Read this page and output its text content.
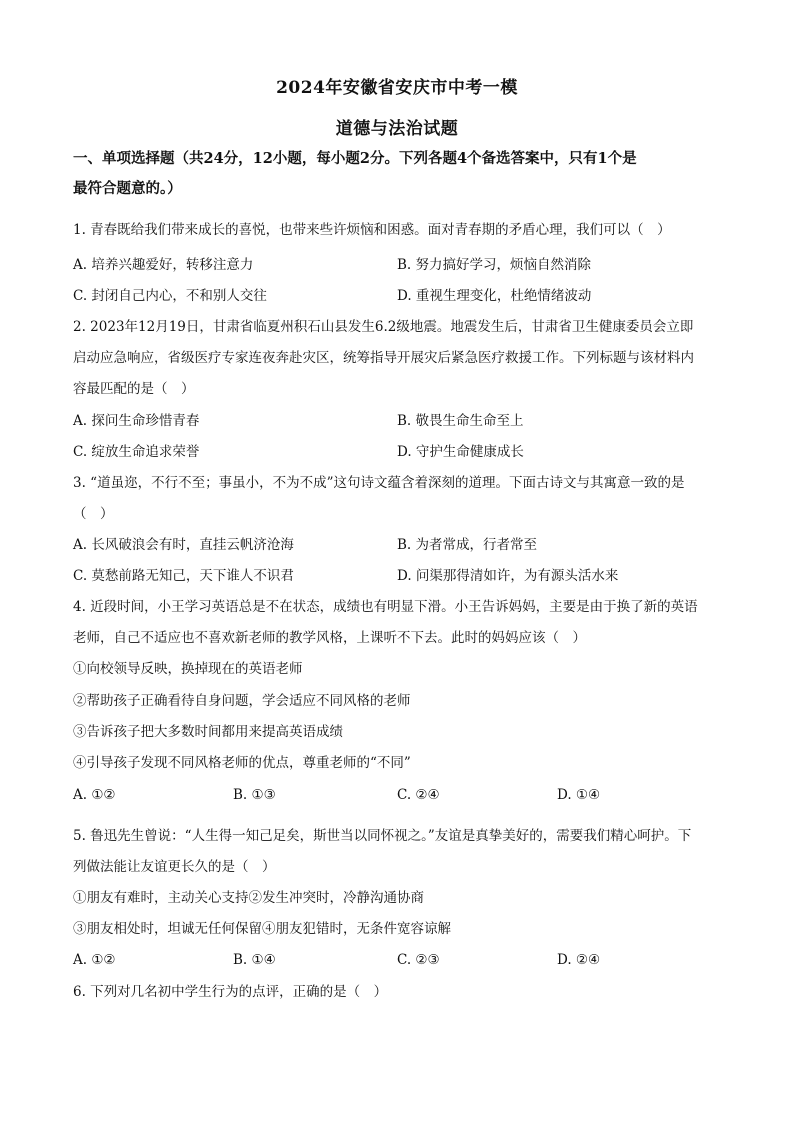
2024年安徽省安庆市中考一模
道德与法治试题
一、单项选择题（共24分，12小题，每小题2分。下列各题4个备选答案中，只有1个是
最符合题意的。）
1. 青春既给我们带来成长的喜悦，也带来些许烦恼和困惑。面对青春期的矛盾心理，我们可以（　）
A. 培养兴趣爱好，转移注意力	B. 努力搞好学习，烦恼自然消除
C. 封闭自己内心，不和别人交往	D. 重视生理变化，杜绝情绪波动
2. 2023年12月19日，甘肃省临夏州积石山县发生6.2级地震。地震发生后，甘肃省卫生健康委员会立即
启动应急响应，省级医疗专家连夜奔赴灾区，统筹指导开展灾后紧急医疗救援工作。下列标题与该材料内
容最匹配的是（　）
A. 探问生命珍惜青春	B. 敬畏生命生命至上
C. 绽放生命追求荣誉	D. 守护生命健康成长
3. “道虽迩，不行不至；事虽小，不为不成”这句诗文蕴含着深刻的道理。下面古诗文与其寓意一致的是
（　）
A. 长风破浪会有时，直挂云帆济沧海	B. 为者常成，行者常至
C. 莫愁前路无知己，天下谁人不识君	D. 问渠那得清如许，为有源头活水来
4. 近段时间，小王学习英语总是不在状态，成绩也有明显下滑。小王告诉妈妈，主要是由于换了新的英语
老师，自己不适应也不喜欢新老师的教学风格，上课听不下去。此时的妈妈应该（　）
①向校领导反映，换掉现在的英语老师
②帮助孩子正确看待自身问题，学会适应不同风格的老师
③告诉孩子把大多数时间都用来提高英语成绩
④引导孩子发现不同风格老师的优点，尊重老师的“不同”
A. ①②	B. ①③	C. ②④	D. ①④
5. 鲁迅先生曾说：“人生得一知己足矣，斯世当以同怀视之。”友谊是真挚美好的，需要我们精心呵护。下
列做法能让友谊更长久的是（　）
①朋友有难时，主动关心支持②发生冲突时，冷静沟通协商
③朋友相处时，坦诚无任何保留④朋友犯错时，无条件宽容谅解
A. ①②	B. ①④	C. ②③	D. ②④
6. 下列对几名初中学生行为的点评，正确的是（　）
